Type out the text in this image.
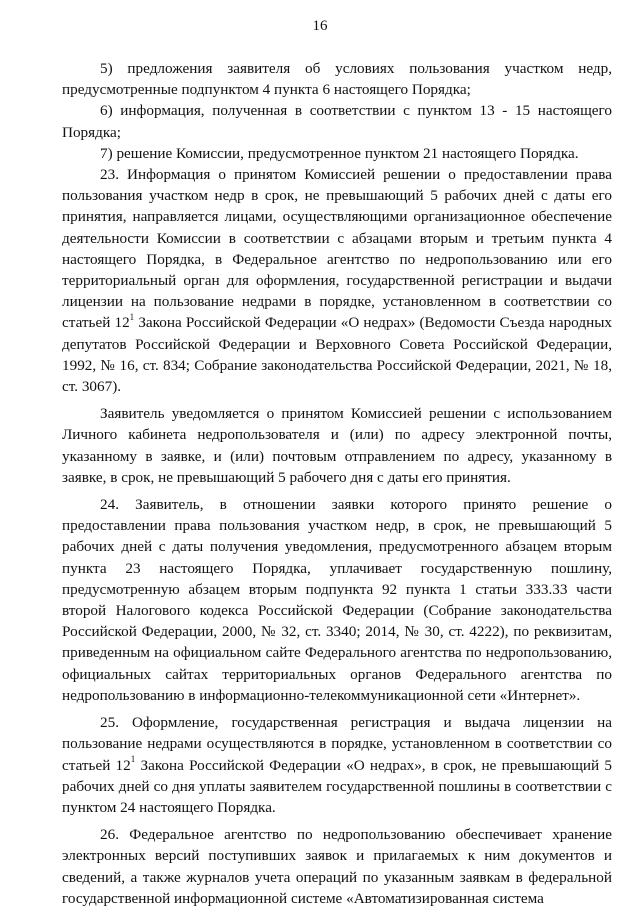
16

5) предложения заявителя об условиях пользования участком недр, предусмотренные подпунктом 4 пункта 6 настоящего Порядка;

6) информация, полученная в соответствии с пунктом 13 - 15 настоящего Порядка;

7) решение Комиссии, предусмотренное пунктом 21 настоящего Порядка.

23. Информация о принятом Комиссией решении о предоставлении права пользования участком недр в срок, не превышающий 5 рабочих дней с даты его принятия, направляется лицами, осуществляющими организационное обеспечение деятельности Комиссии в соответствии с абзацами вторым и третьим пункта 4 настоящего Порядка, в Федеральное агентство по недропользованию или его территориальный орган для оформления, государственной регистрации и выдачи лицензии на пользование недрами в порядке, установленном в соответствии со статьей $12^1$ Закона Российской Федерации «О недрах» (Ведомости Съезда народных депутатов Российской Федерации и Верховного Совета Российской Федерации, 1992, № 16, ст. 834; Собрание законодательства Российской Федерации, 2021, № 18, ст. 3067).

Заявитель уведомляется о принятом Комиссией решении с использованием Личного кабинета недропользователя и (или) по адресу электронной почты, указанному в заявке, и (или) почтовым отправлением по адресу, указанному в заявке, в срок, не превышающий 5 рабочего дня с даты его принятия.

24. Заявитель, в отношении заявки которого принято решение о предоставлении права пользования участком недр, в срок, не превышающий 5 рабочих дней с даты получения уведомления, предусмотренного абзацем вторым пункта 23 настоящего Порядка, уплачивает государственную пошлину, предусмотренную абзацем вторым подпункта 92 пункта 1 статьи 333.33 части второй Налогового кодекса Российской Федерации (Собрание законодательства Российской Федерации, 2000, № 32, ст. 3340; 2014, № 30, ст. 4222), по реквизитам, приведенным на официальном сайте Федерального агентства по недропользованию, официальных сайтах территориальных органов Федерального агентства по недропользованию в информационно-телекоммуникационной сети «Интернет».

25. Оформление, государственная регистрация и выдача лицензии на пользование недрами осуществляются в порядке, установленном в соответствии со статьей $12^1$ Закона Российской Федерации «О недрах», в срок, не превышающий 5 рабочих дней со дня уплаты заявителем государственной пошлины в соответствии с пунктом 24 настоящего Порядка.

26. Федеральное агентство по недропользованию обеспечивает хранение электронных версий поступивших заявок и прилагаемых к ним документов и сведений, а также журналов учета операций по указанным заявкам в федеральной государственной информационной системе «Автоматизированная система
